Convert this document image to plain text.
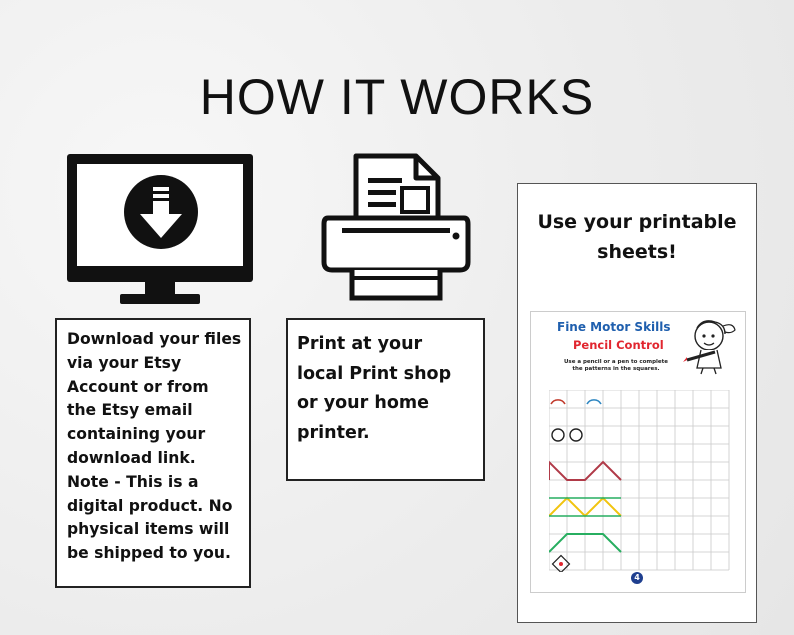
HOW IT WORKS
Download your files
via your Etsy
Account or from
the Etsy email
containing your
download link.
Note - This is a
digital product. No
physical items will
be shipped to you.
Print at your
local Print shop
or your home
printer.
Use your printable
sheets!
Fine Motor Skills
Pencil Control
Use a pencil or a pen to complete the patterns in the squares.
4
